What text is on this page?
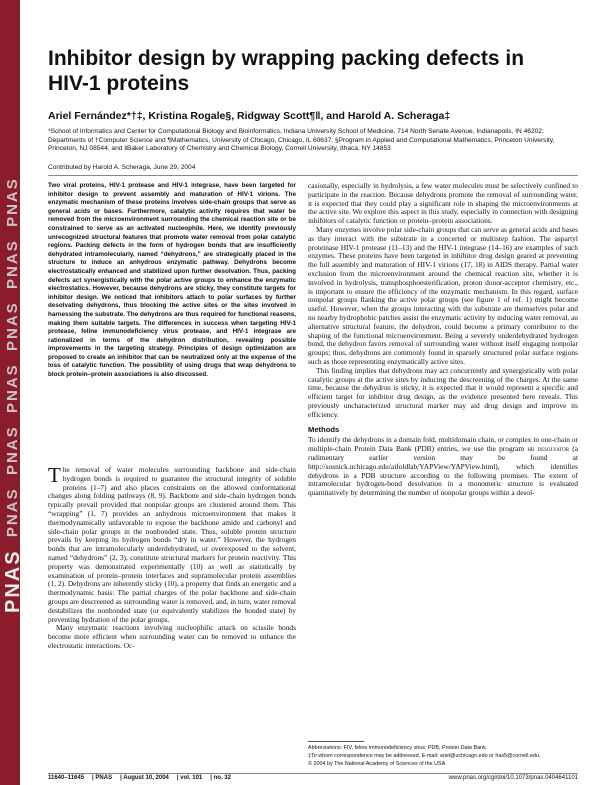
PNAS  PNAS  PNAS  PNAS  PNAS  PNAS  PNAS
Inhibitor design by wrapping packing defects in HIV-1 proteins
Ariel Fernández*†‡, Kristina Rogale§, Ridgway Scott¶‖, and Harold A. Scheraga‡
*School of Informatics and Center for Computational Biology and Bioinformatics, Indiana University School of Medicine, 714 North Senate Avenue, Indianapolis, IN 46202; Departments of †Computer Science and ¶Mathematics, University of Chicago, Chicago, IL 60637; §Program in Applied and Computational Mathematics, Princeton University, Princeton, NJ 08544; and ‖Baker Laboratory of Chemistry and Chemical Biology, Cornell University, Ithaca, NY 14853
Contributed by Harold A. Scheraga, June 29, 2004
Two viral proteins, HIV-1 protease and HIV-1 integrase, have been targeted for inhibitor design to prevent assembly and maturation of HIV-1 virions. The enzymatic mechanism of these proteins involves side-chain groups that serve as general acids or bases. Furthermore, catalytic activity requires that water be removed from the microenvironment surrounding the chemical reaction site or be constrained to serve as an activated nucleophile. Here, we identify previously unrecognized structural features that promote water removal from polar catalytic regions. Packing defects in the form of hydrogen bonds that are insufficiently dehydrated intramolecularly, named “dehydrons,” are strategically placed in the structure to induce an anhydrous enzymatic pathway. Dehydrons become electrostatically enhanced and stabilized upon further desolvation. Thus, packing defects act synergistically with the polar active groups to enhance the enzymatic electrostatics. However, because dehydrons are sticky, they constitute targets for inhibitor design. We noticed that inhibitors attach to polar surfaces by further desolvating dehydrons, thus blocking the active sites or the sites involved in harnessing the substrate. The dehydrons are thus required for functional reasons, making them suitable targets. The differences in success when targeting HIV-1 protease, feline immunodeficiency virus protease, and HIV-1 integrase are rationalized in terms of the dehydron distribution, revealing possible improvements in the targeting strategy. Principles of design optimization are proposed to create an inhibitor that can be neutralized only at the expense of the loss of catalytic function. The possibility of using drugs that wrap dehydrons to block protein–protein associations is also discussed.

The removal of water molecules surrounding backbone and side-chain hydrogen bonds is required to guarantee the structural integrity of soluble proteins (1–7) and also places constraints on the allowed conformational changes along folding pathways (8, 9). Backbone and side-chain hydrogen bonds typically prevail provided that nonpolar groups are clustered around them. This “wrapping” (1, 7) provides an anhydrous microenvironment that makes it thermodynamically unfavorable to expose the backbone amide and carbonyl and side-chain polar groups in the nonbonded state. Thus, soluble protein structure prevails by keeping its hydrogen bonds “dry in water.” However, the hydrogen bonds that are intramolecularly underdehydrated, or overexposed to the solvent, named “dehydrons” (2, 3), constitute structural markers for protein reactivity. This property was demonstrated experimentally (10) as well as statistically by examination of protein–protein interfaces and supramolecular protein assemblies (1, 2). Dehydrons are inherently sticky (10), a property that finds an energetic and a thermodynamic basis: The partial charges of the polar backbone and side-chain groups are descreened as surrounding water is removed, and, in turn, water removal destabilizes the nonbonded state (or equivalently stabilizes the bonded state) by preventing hydration of the polar groups.

Many enzymatic reactions involving nucleophilic attack on scissile bonds become more efficient when surrounding water can be removed to enhance the electrostatic interactions. Oc-

casionally, especially in hydrolysis, a few water molecules must be selectively confined to participate in the reaction. Because dehydrons promote the removal of surrounding water, it is expected that they could play a significant role in shaping the microenvironments at the active site. We explore this aspect in this study, especially in connection with designing inhibitors of catalytic function or protein–protein associations.

Many enzymes involve polar side-chain groups that can serve as general acids and bases as they interact with the substrate in a concerted or multistep fashion. The aspartyl proteinase HIV-1 protease (11–13) and the HIV-1 integrase (14–16) are examples of such enzymes. These proteins have been targeted in inhibitor drug design geared at preventing the full assembly and maturation of HIV-1 virions (17, 18) in AIDS therapy. Partial water exclusion from the microenvironment around the chemical reaction site, whether it is involved in hydrolysis, transphosphoesterification, proton donor-acceptor chemistry, etc., is important to ensure the efficiency of the enzymatic mechanism. In this regard, surface nonpolar groups flanking the active polar groups (see figure 1 of ref. 1) might become useful. However, when the groups interacting with the substrate are themselves polar and no nearby hydrophobic patches assist the enzymatic activity by inducing water removal, an alternative structural feature, the dehydron, could become a primary contributor to the shaping of the functional microenvironment. Being a severely underdehydrated hydrogen bond, the dehydron favors removal of surrounding water without itself engaging nonpolar groups; thus, dehydrons are commonly found in sparsely structured polar surface regions such as those representing enzymatically active sites.

This finding implies that dehydrons may act concurrently and synergistically with polar catalytic groups at the active sites by inducing the descreening of the charges. At the same time, because the dehydron is sticky, it is expected that it would represent a specific and efficient target for inhibitor drug design, as the evidence presented here reveals. This previously uncharacterized structural marker may aid drug design and improve its efficiency.

Methods

To identify the dehydrons in a domain fold, multidomain chain, or complex in one-chain or multiple-chain Protein Data Bank (PDB) entries, we use the program hb desolvator (a rudimentary earlier version may be found at http://sosnick.uchicago.edu/aifoldlab/YAPView/YAPView.html), which identifies dehydrons in a PDB structure according to the following premises. The extent of intramolecular hydrogen-bond desolvation in a monomeric structure is evaluated quantitatively by determining the number of nonpolar groups within a desol-

Abbreviations: FIV, feline immunodeficiency virus; PDB, Protein Data Bank.
‡To whom correspondence may be addressed. E-mail: ariel@uchicago.edu or has5@cornell.edu.
© 2004 by The National Academy of Sciences of the USA
11640–11645 | PNAS | August 10, 2004 | vol. 101 | no. 32	www.pnas.org/cgi/doi/10.1073/pnas.0404641101
